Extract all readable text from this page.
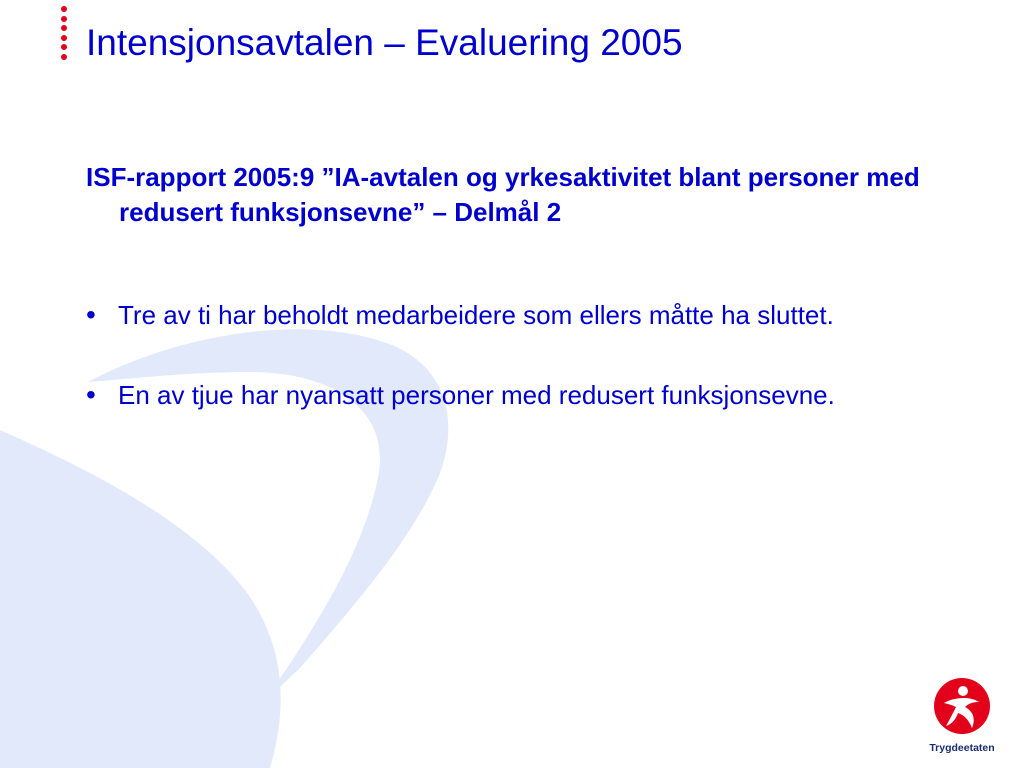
Intensjonsavtalen – Evaluering 2005

ISF-rapport 2005:9 ”IA-avtalen og yrkesaktivitet blant personer med redusert funksjonsevne” – Delmål 2

• Tre av ti har beholdt medarbeidere som ellers måtte ha sluttet.
• En av tjue har nyansatt personer med redusert funksjonsevne.
Trygdeetaten
